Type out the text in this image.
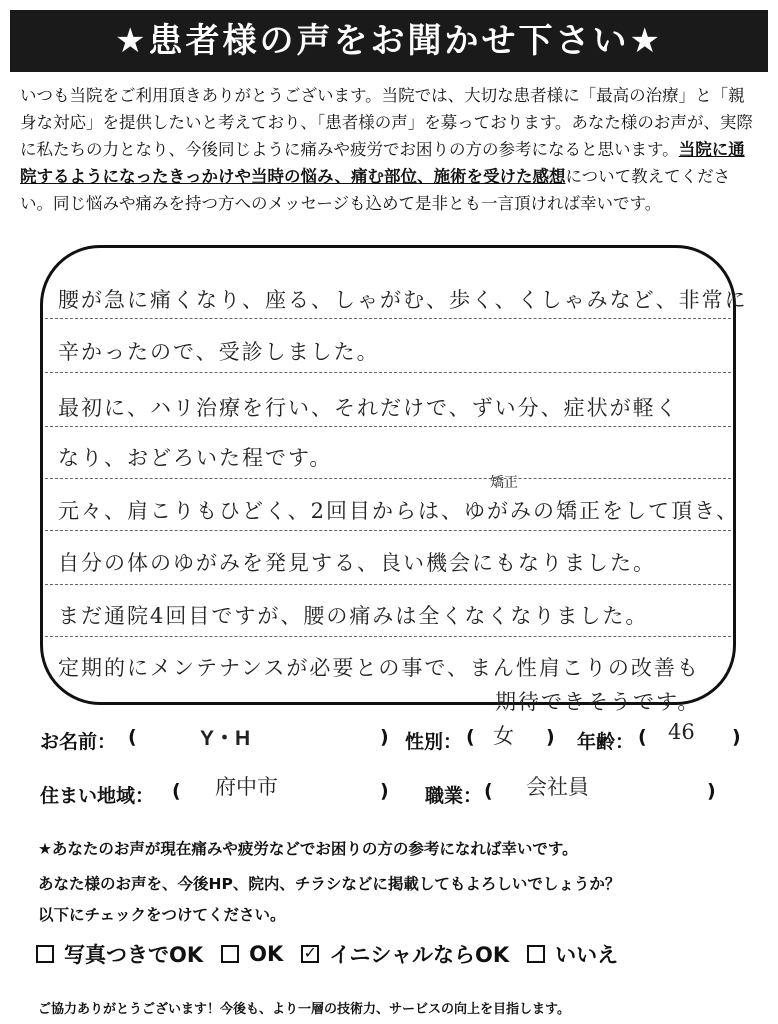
★患者様の声をお聞かせ下さい★

いつも当院をご利用頂きありがとうございます。当院では、大切な患者様に「最高の治療」と「親身な対応」を提供したいと考えており、「患者様の声」を募っております。あなた様のお声が、実際に私たちの力となり、今後同じように痛みや疲労でお困りの方の参考になると思います。当院に通院するようになったきっかけや当時の悩み、痛む部位、施術を受けた感想について教えてください。同じ悩みや痛みを持つ方へのメッセージも込めて是非とも一言頂ければ幸いです。

腰が急に痛くなり、座る、しゃがむ、歩く、くしゃみなど、非常に
辛かったので、受診しました。
最初に、ハリ治療を行い、それだけで、ずい分、症状が軽く
なり、おどろいた程です。
矯正
元々、肩こりもひどく、2回目からは、ゆがみの矯正をして頂き、
自分の体のゆがみを発見する、良い機会にもなりました。
まだ通院4回目ですが、腰の痛みは全くなくなりました。
定期的にメンテナンスが必要との事で、まん性肩こりの改善も
期待できそうです。
お名前： (	Y・H	) 性別： ( 女 ) 年齢： ( 46 )
住まい地域： ( 府中市	) 職業： ( 会社員	)
★あなたのお声が現在痛みや疲労などでお困りの方の参考になれば幸いです。
あなた様のお声を、今後HP、院内、チラシなどに掲載してもよろしいでしょうか？
以下にチェックをつけてください。
写真つきでOK OK ✓ イニシャルならOK いいえ
ご協力ありがとうございます！今後も、より一層の技術力、サービスの向上を目指します。
